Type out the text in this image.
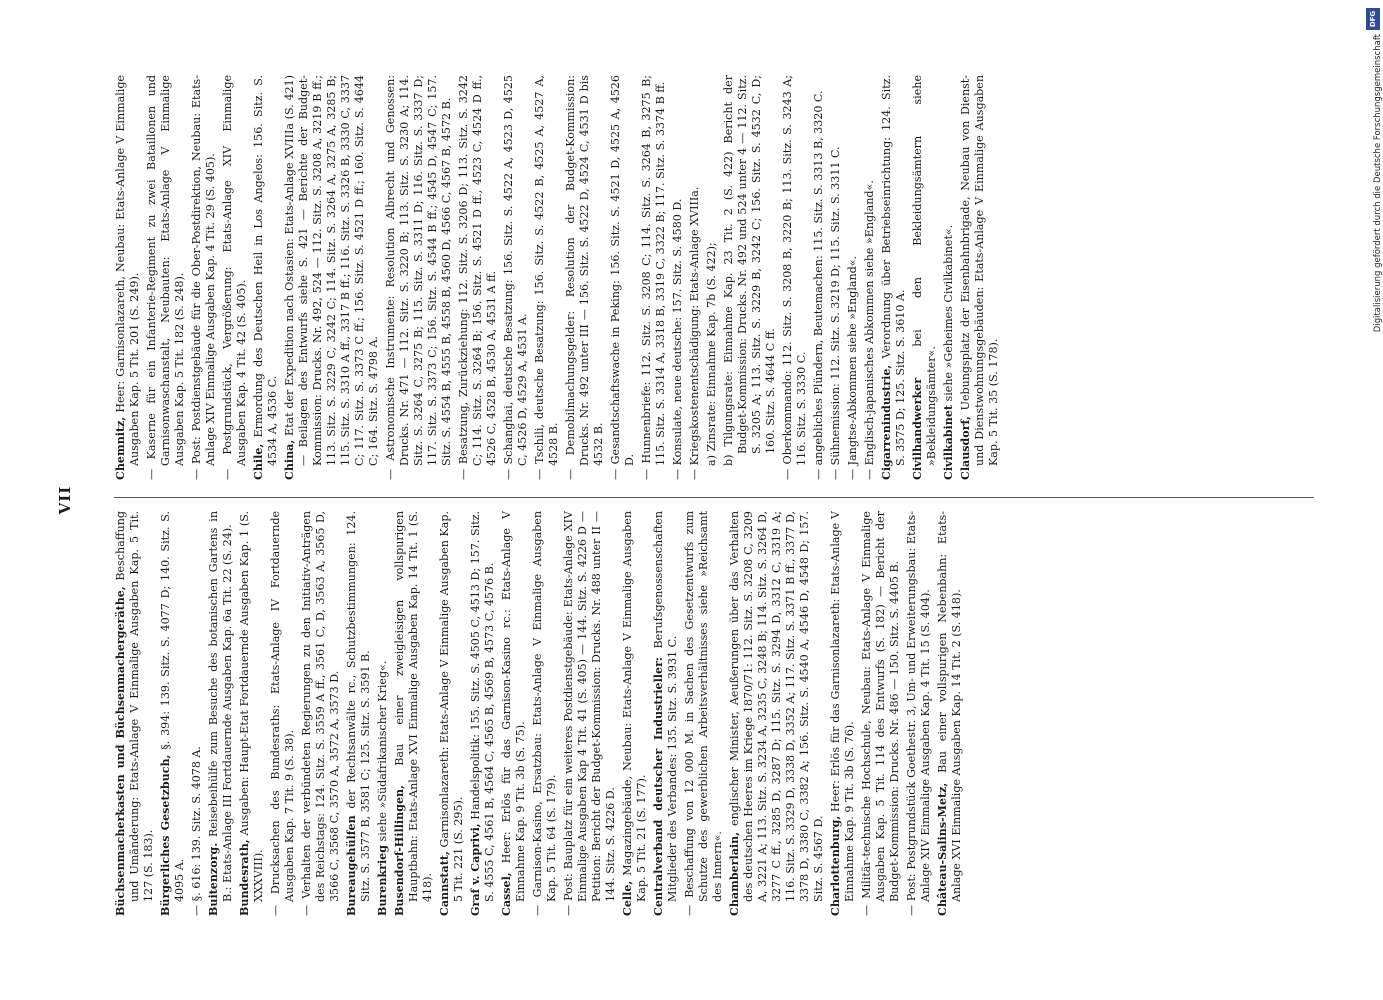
VII

Büchsenmacherkasten und Büchsenmachergeräthe, Beschaffung und Umänderung: Etats-Anlage V Einmalige Ausgaben Kap. 5 Tit. 127 (S. 183). Bürgerliches Gesetzbuch, §. 394: 139. Sitz. S. 4077 D; 140. Sitz. S. 4095 A.

— §. 616: 139. Sitz. S. 4078 A. Buitenzorg. Reisebeihülfe zum Besuche des botanischen Gartens in B.: Etats-Anlage III Fortdauernde Ausgaben Kap. 6a Tit. 22 (S. 24). Bundesrath, Ausgaben: Haupt-Etat Fortdauernde Ausgaben Kap. 1 (S. XXXVIII).

— Drucksachen des Bundesraths: Etats-Anlage IV Fortdauernde Ausgaben Kap. 7 Tit. 9 (S. 38).

— Verhalten der verbündeten Regierungen zu den Initiativ-Anträgen des Reichstags: 124. Sitz. S. 3559 A ff., 3561 C, D, 3563 A, 3565 D, 3566 C, 3568 C, 3570 A, 3572 A, 3573 D. Bureaugehülfen der Rechtsanwälte rc., Schutzbestimmungen: 124. Sitz. S. 3577 B, 3581 C; 125. Sitz. S. 3591 B. Burenkrieg siehe »Südafrikanischer Krieg«.

Busendorf-Hillingen, Bau einer zweigleisigen vollspurigen Hauptbahn: Etats-Anlage XVI Einmalige Ausgaben Kap. 14 Tit. 1 (S. 418). Cannstatt, Garnisonlazareth: Etats-Anlage V Einmalige Ausgaben Kap. 5 Tit. 221 (S. 295). Graf v. Caprivi, Handelspolitik: 155. Sitz. S. 4505 C, 4513 D; 157. Sitz. S. 4555 C, 4561 B, 4564 C, 4565 B, 4569 B, 4573 C, 4576 B. Cassel, Heer: Erlös für das Garnison-Kasino rc.: Etats-Anlage V Einnahme Kap. 9 Tit. 3b (S. 75).

— Garnison-Kasino, Ersatzbau: Etats-Anlage V Einmalige Ausgaben Kap. 5 Tit. 64 (S. 179).

— Post: Bauplatz für ein weiteres Postdienstgebäude: Etats-Anlage XIV Einmalige Ausgaben Kap 4 Tit. 41 (S. 405) — 144. Sitz. S. 4226 D — Petition: Bericht der Budget-Kommission: Drucks. Nr. 488 unter II — 144. Sitz. S. 4226 D. Celle, Magazingebäude, Neubau: Etats-Anlage V Einmalige Ausgaben Kap. 5 Tit. 21 (S. 177). Centralverband deutscher Industrieller: Berufsgenossenschaften Mitglieder des Verbandes: 135. Sitz. S. 3931 C.

— Beschaffung von 12 000 M. in Sachen des Gesetzentwurfs zum Schutze des gewerblichen Arbeitsverhältnisses siehe »Reichsamt des Innern«. Chamberlain, englischer Minister, Aeußerungen über das Verhalten des deutschen Heeres im Kriege 1870/71: 112. Sitz. S. 3208 C, 3209 A, 3221 A; 113. Sitz. S. 3234 A, 3235 C, 3248 B; 114. Sitz. S. 3264 D, 3277 C ff., 3285 D, 3287 D; 115. Sitz. S. 3294 D, 3312 C, 3319 A; 116. Sitz. S. 3329 D, 3338 D, 3352 A; 117. Sitz. S. 3371 B ff., 3377 D, 3378 D, 3380 C, 3382 A; 156. Sitz. S. 4540 A, 4546 D, 4548 D; 157. Sitz. S. 4567 D. Charlottenburg, Heer: Erlös für das Garnisonlazareth: Etats-Anlage V Einnahme Kap. 9 Tit. 3b (S. 76).

— Militär-technische Hochschule, Neubau: Etats-Anlage V Einmalige Ausgaben Kap. 5 Tit. 114 des Entwurfs (S. 182) — Bericht der Budget-Kommission: Drucks. Nr. 486 — 150. Sitz. S. 4405 B.

— Post: Postgrundstück Goethestr. 3, Um- und Erweiterungsbau: Etats-Anlage XIV Einmalige Ausgaben Kap. 4 Tit. 15 (S. 404). Château-Salins-Metz, Bau einer vollspurigen Nebenbahn: Etats-Anlage XVI Einmalige Ausgaben Kap. 14 Tit. 2 (S. 418).

Chemnitz, Heer: Garnisonlazareth, Neubau: Etats-Anlage V Einmalige Ausgaben Kap. 5 Tit. 201 (S. 249).

— Kaserne für ein Infanterie-Regiment zu zwei Bataillonen und Garnisonwaschanstalt, Neubauten: Etats-Anlage V Einmalige Ausgaben Kap. 5 Tit. 182 (S. 248).

— Post: Postdienstgebäude für die Ober-Postdirektion, Neubau: Etats-Anlage XIV Einmalige Ausgaben Kap. 4 Tit. 29 (S. 405).

— Postgrundstück, Vergrößerung: Etats-Anlage XIV Einmalige Ausgaben Kap. 4 Tit. 42 (S. 405). Chile, Ermordung des Deutschen Heil in Los Angelos: 156. Sitz. S. 4534 A, 4536 C. China, Etat der Expedition nach Ostasien: Etats-Anlage XVIIIa (S. 421) — Beilagen des Entwurfs siehe S. 421 — Berichte der Budget-Kommission: Drucks. Nr. 492, 524 — 112. Sitz. S. 3208 A, 3219 B ff.; 113. Sitz. S. 3229 C, 3242 C; 114. Sitz. S. 3264 A, 3275 A, 3285 B; 115. Sitz. S. 3310 A ff., 3317 B ff.; 116. Sitz. S. 3326 B, 3330 C, 3337 C; 117. Sitz. S. 3373 C ff.; 156. Sitz. S. 4521 D ff.; 160. Sitz. S. 4644 C; 164. Sitz. S. 4798 A.

— Astronomische Instrumente: Resolution Albrecht und Genossen: Drucks. Nr. 471 — 112. Sitz. S. 3220 B; 113. Sitz. S. 3230 A; 114. Sitz. S. 3264 C, 3275 B; 115. Sitz. S. 3311 D; 116. Sitz. S. 3337 D; 117. Sitz. S. 3373 C; 156. Sitz. S. 4544 B ff.; 4545 D, 4547 C; 157. Sitz. S. 4554 B, 4555 B, 4558 B, 4560 D, 4566 C, 4567 B, 4572 B.

— Besatzung, Zurückziehung: 112. Sitz. S. 3206 D; 113. Sitz. S. 3242 C; 114. Sitz. S. 3264 B; 156. Sitz. S. 4521 D ff., 4523 C, 4524 D ff., 4526 C, 4528 B, 4530 A, 4531 A ff.

— Schanghai, deutsche Besatzung: 156. Sitz. S. 4522 A, 4523 D, 4525 C, 4526 D, 4529 A, 4531 A.

— Tschili, deutsche Besatzung: 156. Sitz. S. 4522 B, 4525 A, 4527 A, 4528 B.

— Demobilmachungsgelder: Resolution der Budget-Kommission: Drucks. Nr. 492 unter III — 156. Sitz. S. 4522 D, 4524 C, 4531 D bis 4532 B.

— Gesandtschaftswache in Peking: 156. Sitz. S. 4521 D, 4525 A, 4526 D.

— Hunnenbriefe: 112. Sitz. S. 3208 C; 114. Sitz. S. 3264 B, 3275 B; 115. Sitz. S. 3314 A, 3318 B, 3319 C, 3322 B; 117. Sitz. S. 3374 B ff.

— Konsulate, neue deutsche: 157. Sitz. S. 4580 D.

— Kriegskostenentschädigung: Etats-Anlage XVIIIa. a) Zinsrate: Einnahme Kap. 7b (S. 422); b) Tilgungsrate: Einnahme Kap. 23 Tit. 2 (S. 422) Bericht der Budget-Kommission: Drucks. Nr. 492 und 524 unter 4 — 112. Sitz. S. 3205 A; 113. Sitz. S. 3229 B, 3242 C; 156. Sitz. S. 4532 C, D; 160. Sitz. S. 4644 C ff.

— Oberkommando: 112. Sitz. S. 3208 B, 3220 B; 113. Sitz. S. 3243 A; 116. Sitz. S. 3330 C.

— angebliches Plündern, Beutemachen: 115. Sitz. S. 3313 B, 3320 C.

— Sühnemission: 112. Sitz. S. 3219 D; 115. Sitz. S. 3311 C.

— Jangtse-Abkommen siehe »England«.

— Englisch-japanisches Abkommen siehe »England«. Cigarrenindustrie, Verordnung über Betriebseinrichtung: 124. Sitz. S. 3575 D; 125. Sitz. S. 3610 A. Civilhandwerker bei den Bekleidungsämtern siehe »Bekleidungsämter«. Civilkabinet siehe »Geheimes Civilkabinet«.

Clausdorf, Uebungsplatz der Eisenbahnbrigade, Neubau von Dienst- und Dienstwohnungsgebäuden: Etats-Anlage V Einmalige Ausgaben Kap. 5 Tit. 35 (S. 178).

DFG
Digitalisierung gefördert durch die Deutsche Forschungsgemeinschaft
